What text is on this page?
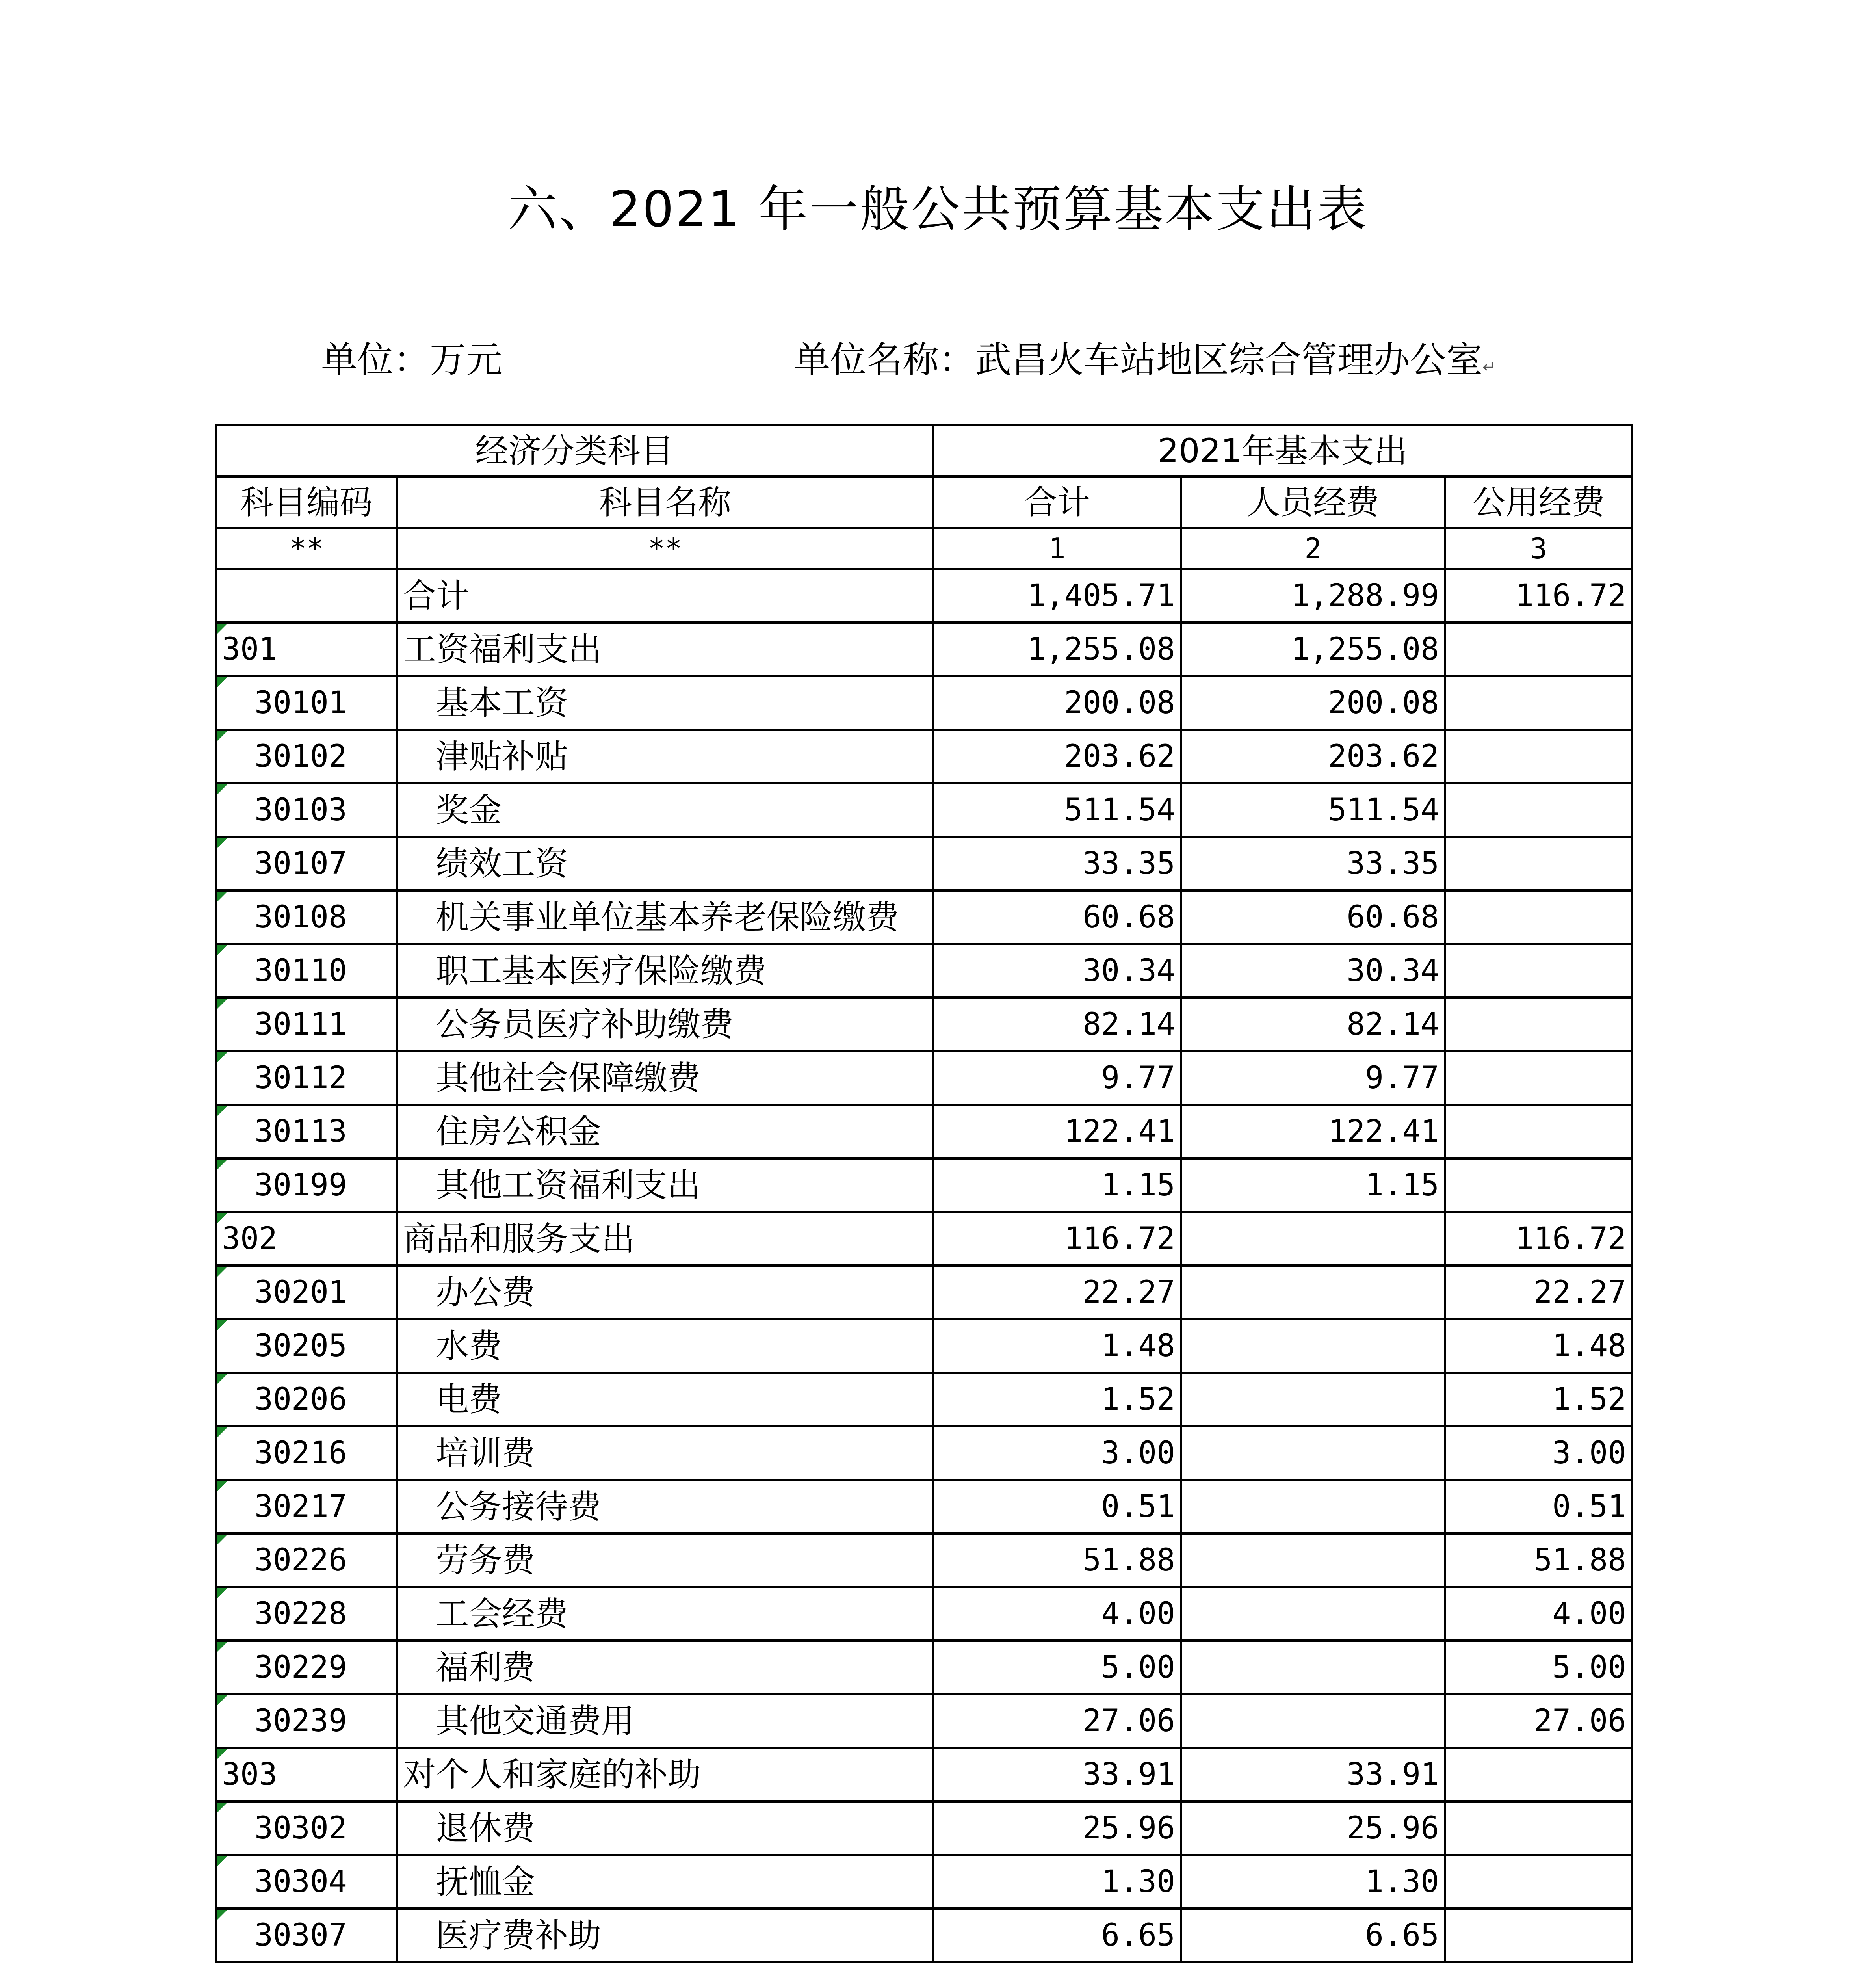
六、2021 年一般公共预算基本支出表
单位：万元	单位名称：武昌火车站地区综合管理办公室↵
经济分类科目		2021年基本支出		
科目编码	科目名称	合计	人员经费	公用经费
**	**	1	2	3
	合计	1,405.71	1,288.99	116.72
301	工资福利支出	1,255.08	1,255.08	
30101	基本工资	200.08	200.08	
30102	津贴补贴	203.62	203.62	
30103	奖金	511.54	511.54	
30107	绩效工资	33.35	33.35	
30108	机关事业单位基本养老保险缴费	60.68	60.68	
30110	职工基本医疗保险缴费	30.34	30.34	
30111	公务员医疗补助缴费	82.14	82.14	
30112	其他社会保障缴费	9.77	9.77	
30113	住房公积金	122.41	122.41	
30199	其他工资福利支出	1.15	1.15	
302	商品和服务支出	116.72		116.72
30201	办公费	22.27		22.27
30205	水费	1.48		1.48
30206	电费	1.52		1.52
30216	培训费	3.00		3.00
30217	公务接待费	0.51		0.51
30226	劳务费	51.88		51.88
30228	工会经费	4.00		4.00
30229	福利费	5.00		5.00
30239	其他交通费用	27.06		27.06
303	对个人和家庭的补助	33.91	33.91	
30302	退休费	25.96	25.96	
30304	抚恤金	1.30	1.30	
30307	医疗费补助	6.65	6.65	
